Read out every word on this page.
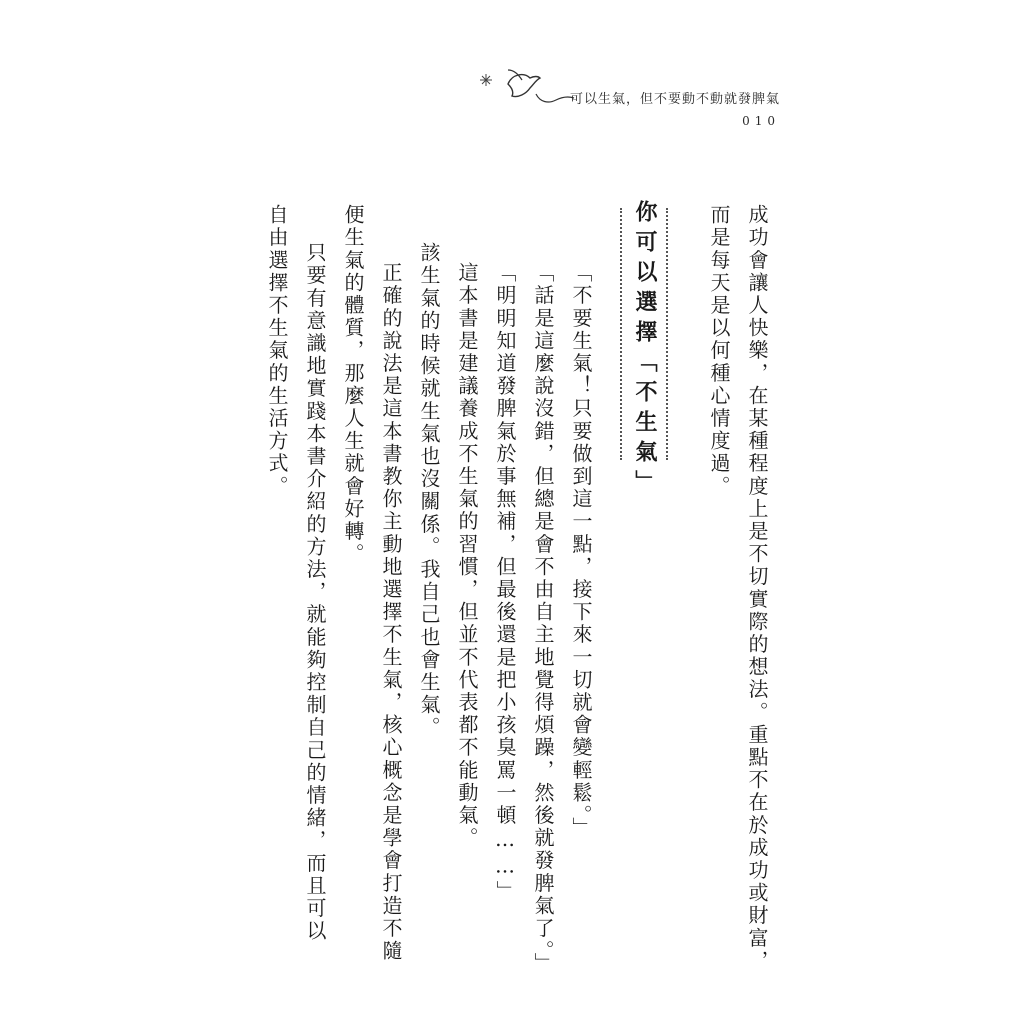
可以生氣，但不要動不動就發脾氣
010
成功會讓人快樂，在某種程度上是不切實際的想法。重點不在於成功或財富，
而是每天是以何種心情度過。
你可以選擇「不生氣」
「不要生氣！只要做到這一點，接下來一切就會變輕鬆。」
「話是這麼說沒錯，但總是會不由自主地覺得煩躁，然後就發脾氣了。」
「明明知道發脾氣於事無補，但最後還是把小孩臭罵一頓……」
這本書是建議養成不生氣的習慣，但並不代表都不能動氣。
該生氣的時候就生氣也沒關係。我自己也會生氣。
正確的說法是這本書教你主動地選擇不生氣，核心概念是學會打造不隨
便生氣的體質，那麼人生就會好轉。
只要有意識地實踐本書介紹的方法，就能夠控制自己的情緒，而且可以
自由選擇不生氣的生活方式。
